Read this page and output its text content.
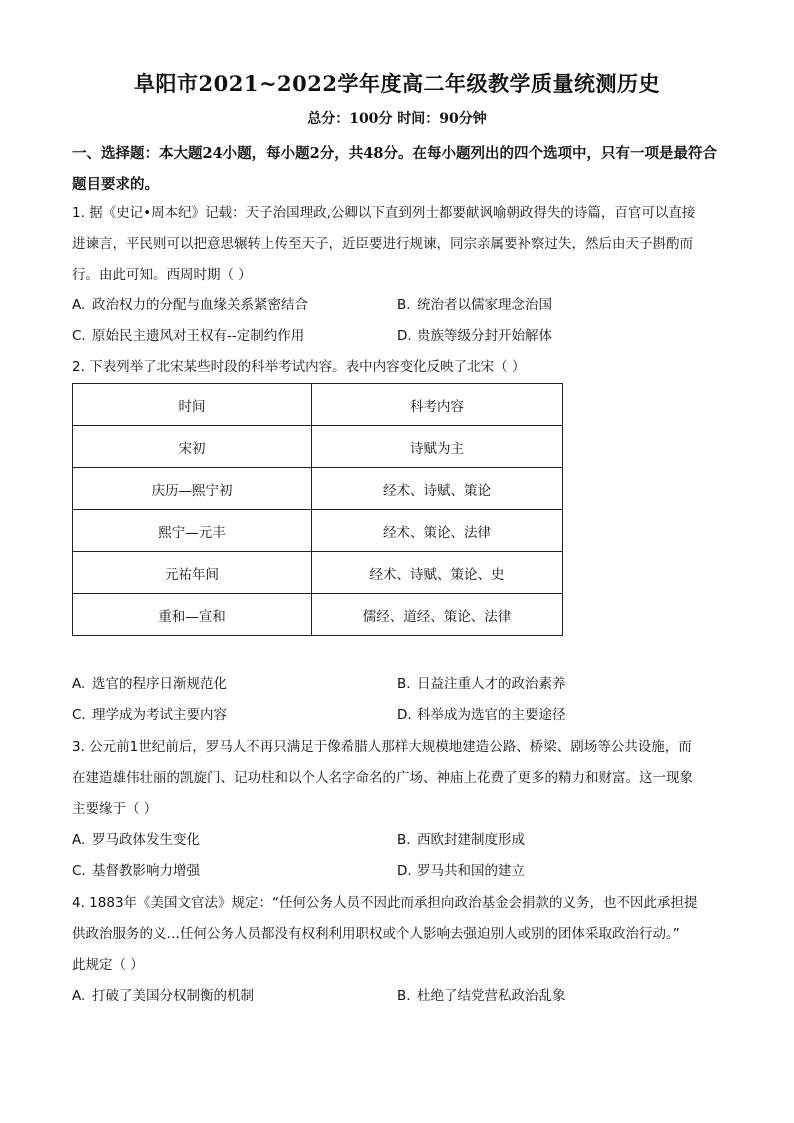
阜阳市2021~2022学年度高二年级教学质量统测历史
总分：100分 时间：90分钟
一、选择题：本大题24小题，每小题2分，共48分。在每小题列出的四个选项中，只有一项是最符合题目要求的。
1. 据《史记•周本纪》记载：天子治国理政,公卿以下直到列士都要献讽喻朝政得失的诗篇，百官可以直接
进谏言，平民则可以把意思辗转上传至天子，近臣要进行规谏，同宗亲属要补察过失，然后由天子斟酌而
行。由此可知。西周时期（ ）
A. 政治权力的分配与血缘关系紧密结合	B. 统治者以儒家理念治国
C. 原始民主遗风对王权有--定制约作用	D. 贵族等级分封开始解体
2. 下表列举了北宋某些时段的科举考试内容。表中内容变化反映了北宋（ ）
时间	科考内容
宋初	诗赋为主
庆历—熙宁初	经术、诗赋、策论
熙宁—元丰	经术、策论、法律
元祐年间	经术、诗赋、策论、史
重和—宣和	儒经、道经、策论、法律
A. 选官的程序日渐规范化	B. 日益注重人才的政治素养
C. 理学成为考试主要内容	D. 科举成为选官的主要途径
3. 公元前1世纪前后，罗马人不再只满足于像希腊人那样大规模地建造公路、桥梁、剧场等公共设施，而
在建造雄伟壮丽的凯旋门、记功柱和以个人名字命名的广场、神庙上花费了更多的精力和财富。这一现象
主要缘于（ ）
A. 罗马政体发生变化	B. 西欧封建制度形成
C. 基督教影响力增强	D. 罗马共和国的建立
4. 1883年《美国文官法》规定：“任何公务人员不因此而承担向政治基金会捐款的义务，也不因此承担提
供政治服务的义…任何公务人员都没有权利利用职权或个人影响去强迫别人或别的团体采取政治行动。”
此规定（ ）
A. 打破了美国分权制衡的机制	B. 杜绝了结党营私政治乱象
